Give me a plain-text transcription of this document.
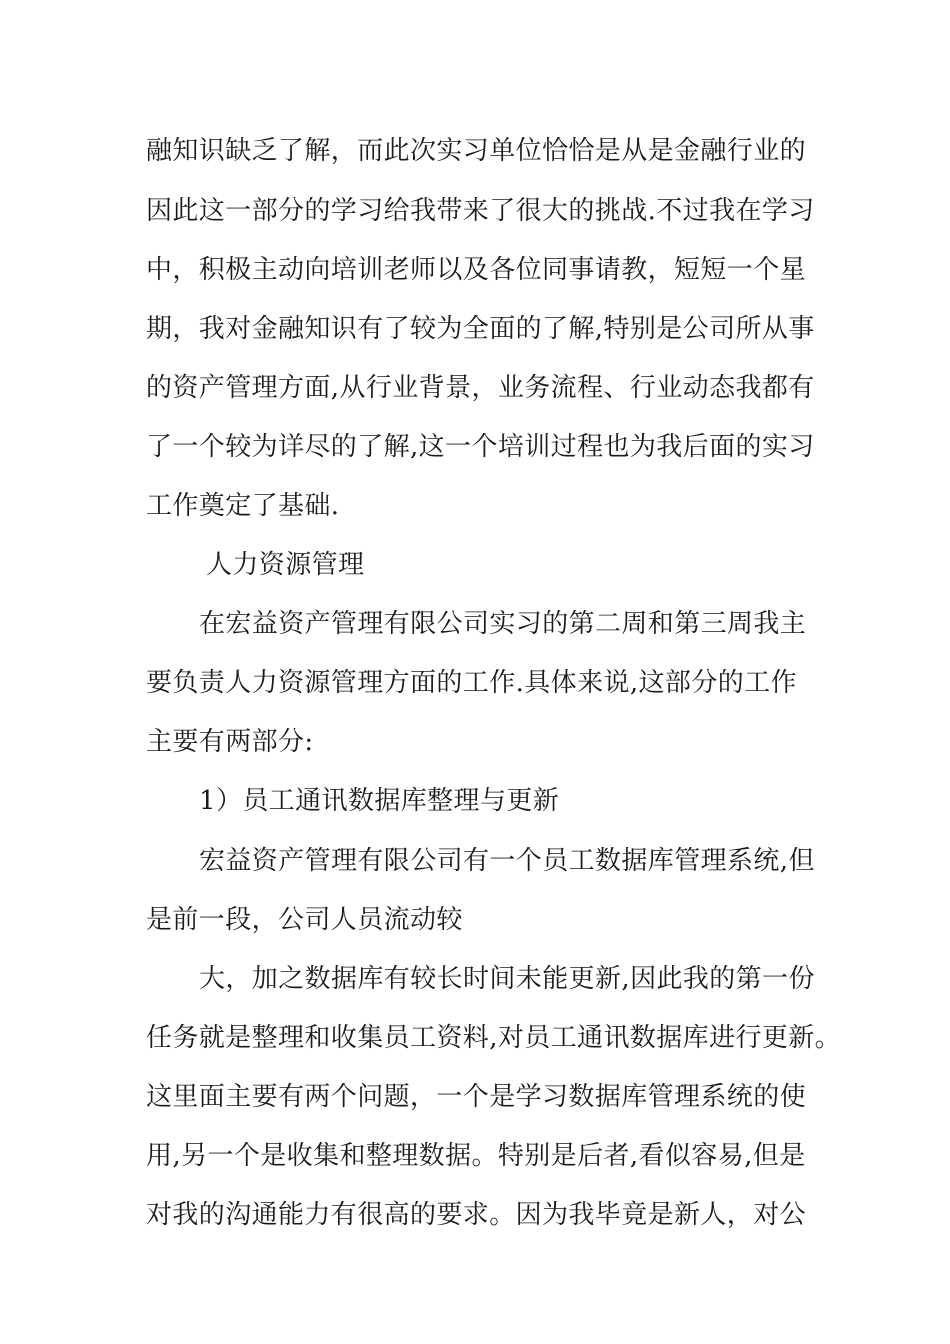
融知识缺乏了解，而此次实习单位恰恰是从是金融行业的
因此这一部分的学习给我带来了很大的挑战.不过我在学习
中，积极主动向培训老师以及各位同事请教，短短一个星
期，我对金融知识有了较为全面的了解,特别是公司所从事
的资产管理方面,从行业背景，业务流程、行业动态我都有
了一个较为详尽的了解,这一个培训过程也为我后面的实习
工作奠定了基础.
人力资源管理
在宏益资产管理有限公司实习的第二周和第三周我主
要负责人力资源管理方面的工作.具体来说,这部分的工作
主要有两部分:
1）员工通讯数据库整理与更新
宏益资产管理有限公司有一个员工数据库管理系统,但
是前一段，公司人员流动较
大，加之数据库有较长时间未能更新,因此我的第一份
任务就是整理和收集员工资料,对员工通讯数据库进行更新。
这里面主要有两个问题，一个是学习数据库管理系统的使
用,另一个是收集和整理数据。特别是后者,看似容易,但是
对我的沟通能力有很高的要求。因为我毕竟是新人，对公
